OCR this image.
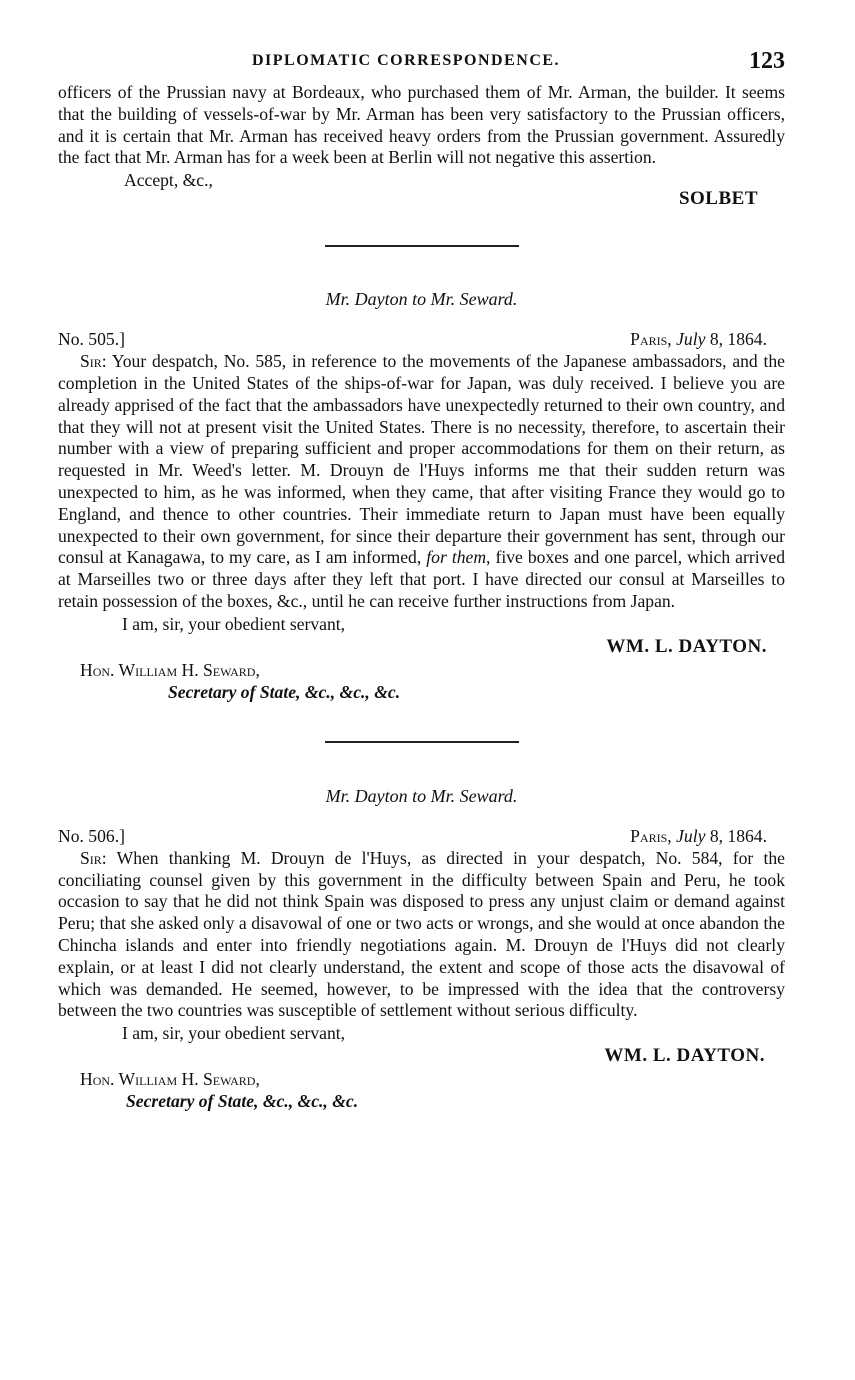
DIPLOMATIC CORRESPONDENCE.	123

officers of the Prussian navy at Bordeaux, who purchased them of Mr. Arman, the builder. It seems that the building of vessels-of-war by Mr. Arman has been very satisfactory to the Prussian officers, and it is certain that Mr. Arman has received heavy orders from the Prussian government. Assuredly the fact that Mr. Arman has for a week been at Berlin will not negative this assertion.

Accept, &c.,

SOLBET

Mr. Dayton to Mr. Seward.

No. 505.]	Paris, July 8, 1864.

Sir: Your despatch, No. 585, in reference to the movements of the Japanese ambassadors, and the completion in the United States of the ships-of-war for Japan, was duly received. I believe you are already apprised of the fact that the ambassadors have unexpectedly returned to their own country, and that they will not at present visit the United States. There is no necessity, therefore, to ascertain their number with a view of preparing sufficient and proper accommodations for them on their return, as requested in Mr. Weed's letter. M. Drouyn de l'Huys informs me that their sudden return was unexpected to him, as he was informed, when they came, that after visiting France they would go to England, and thence to other countries. Their immediate return to Japan must have been equally unexpected to their own government, for since their departure their government has sent, through our consul at Kanagawa, to my care, as I am informed, for them, five boxes and one parcel, which arrived at Marseilles two or three days after they left that port. I have directed our consul at Marseilles to retain possession of the boxes, &c., until he can receive further instructions from Japan.

I am, sir, your obedient servant,

WM. L. DAYTON.

Hon. William H. Seward,

Secretary of State, &c., &c., &c.

Mr. Dayton to Mr. Seward.

No. 506.]	Paris, July 8, 1864.

Sir: When thanking M. Drouyn de l'Huys, as directed in your despatch, No. 584, for the conciliating counsel given by this government in the difficulty between Spain and Peru, he took occasion to say that he did not think Spain was disposed to press any unjust claim or demand against Peru; that she asked only a disavowal of one or two acts or wrongs, and she would at once abandon the Chincha islands and enter into friendly negotiations again. M. Drouyn de l'Huys did not clearly explain, or at least I did not clearly understand, the extent and scope of those acts the disavowal of which was demanded. He seemed, however, to be impressed with the idea that the controversy between the two countries was susceptible of settlement without serious difficulty.

I am, sir, your obedient servant,

WM. L. DAYTON.

Hon. William H. Seward,

Secretary of State, &c., &c., &c.
